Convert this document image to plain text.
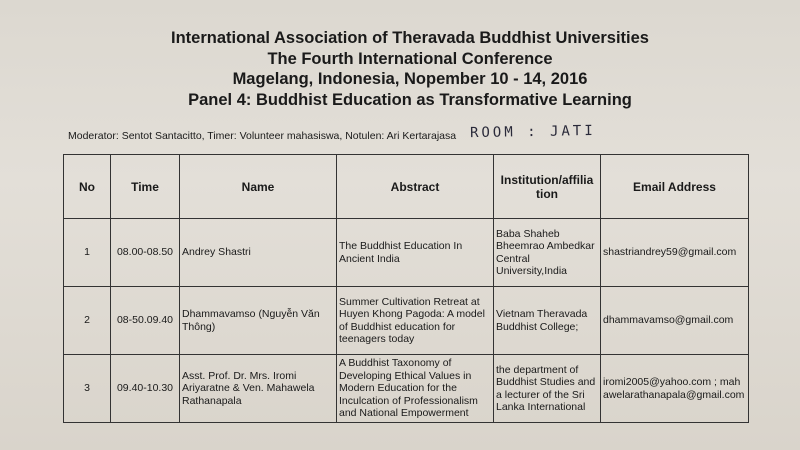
International Association of Theravada Buddhist Universities
The Fourth International Conference
Magelang, Indonesia, Nopember 10 - 14, 2016
Panel 4: Buddhist Education as Transformative Learning
Moderator: Sentot Santacitto, Timer: Volunteer mahasiswa, Notulen: Ari Kertarajasa ROOM : JATI
No	Time	Name	Abstract	Institution/affilia tion	Email Address
1	08.00-08.50	Andrey Shastri	The Buddhist Education In Ancient India	Baba Shaheb Bheemrao Ambedkar Central University,India	shastriandrey59@gmail.com
2	08-50.09.40	Dhammavamso (Nguyễn Văn Thông)	Summer Cultivation Retreat at Huyen Khong Pagoda: A model of Buddhist education for teenagers today	Vietnam Theravada Buddhist College;	dhammavamso@gmail.com
3	09.40-10.30	Asst. Prof. Dr. Mrs. Iromi Ariyaratne & Ven. Mahawela Rathanapala	A Buddhist Taxonomy of Developing Ethical Values in Modern Education for the Inculcation of Professionalism and National Empowerment	the department of Buddhist Studies and a lecturer of the Sri Lanka International	iromi2005@yahoo.com ; mahawelarathanapala@gmail.com
